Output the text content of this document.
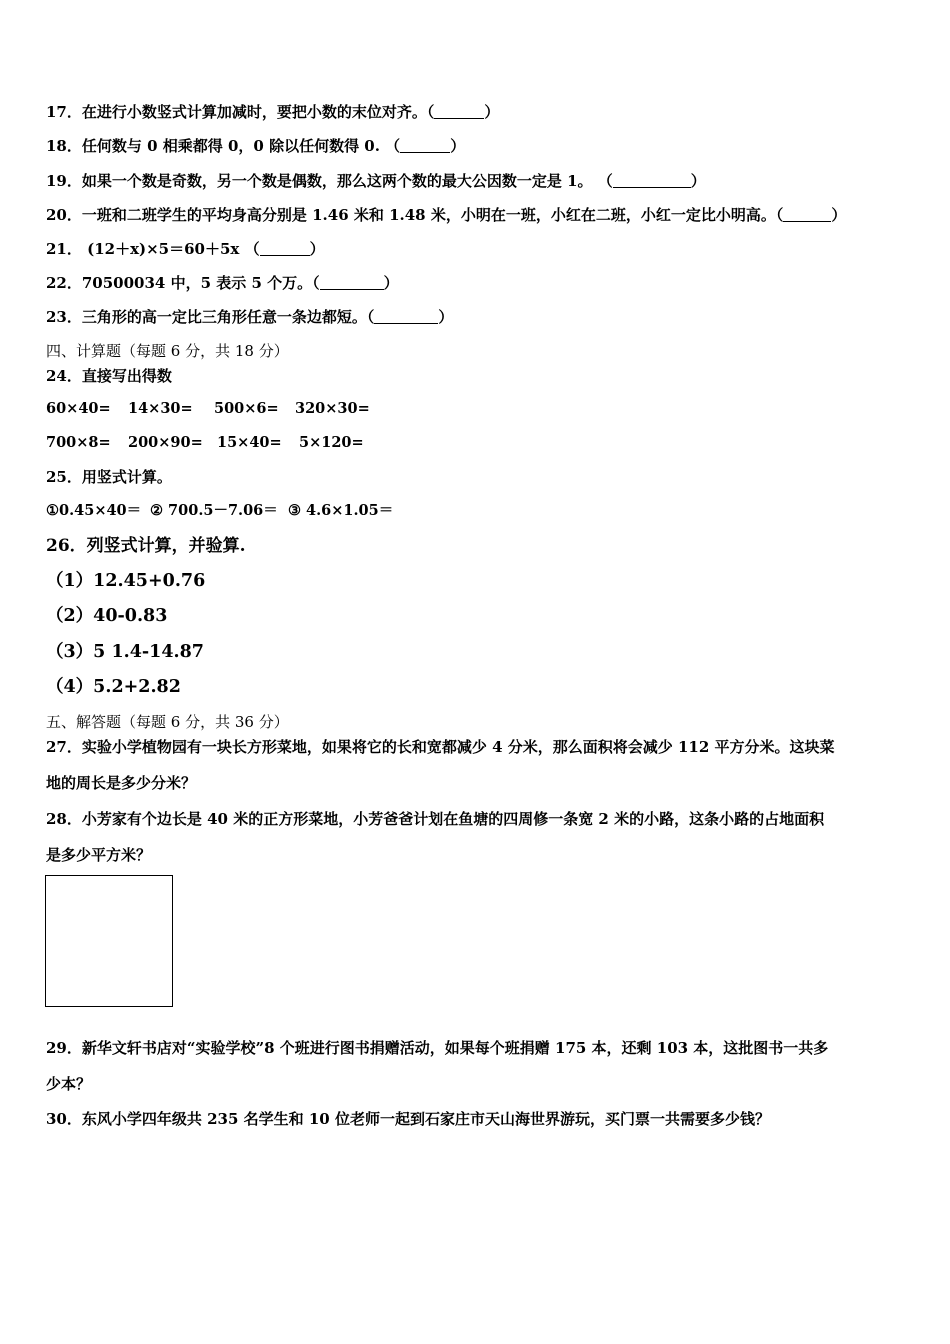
17．在进行小数竖式计算加减时，要把小数的末位对齐。（	）
18．任何数与 0 相乘都得 0，0 除以任何数得 0. （	）
19．如果一个数是奇数，另一个数是偶数，那么这两个数的最大公因数一定是 1。 （	）
20．一班和二班学生的平均身高分别是 1.46 米和 1.48 米，小明在一班，小红在二班，小红一定比小明高。（	）
21． (12＋x)×5＝60＋5x （	）
22．70500034 中，5 表示 5 个万。（	）
23．三角形的高一定比三角形任意一条边都短。（	）
四、计算题（每题 6 分，共 18 分）
24．直接写出得数
60×40= 14×30= 500×6= 320×30=
700×8= 200×90= 15×40= 5×120=
25．用竖式计算。
①0.45×40＝ ② 700.5－7.06＝ ③ 4.6×1.05＝
26．列竖式计算，并验算.
（1）12.45+0.76
（2）40-0.83
（3）5 1.4-14.87
（4）5.2+2.82
五、解答题（每题 6 分，共 36 分）
27．实验小学植物园有一块长方形菜地，如果将它的长和宽都减少 4 分米，那么面积将会减少 112 平方分米。这块菜
地的周长是多少分米？
28．小芳家有个边长是 40 米的正方形菜地，小芳爸爸计划在鱼塘的四周修一条宽 2 米的小路，这条小路的占地面积
是多少平方米？
29．新华文轩书店对“实验学校”8 个班进行图书捐赠活动，如果每个班捐赠 175 本，还剩 103 本，这批图书一共多
少本？
30．东风小学四年级共 235 名学生和 10 位老师一起到石家庄市天山海世界游玩，买门票一共需要多少钱？
